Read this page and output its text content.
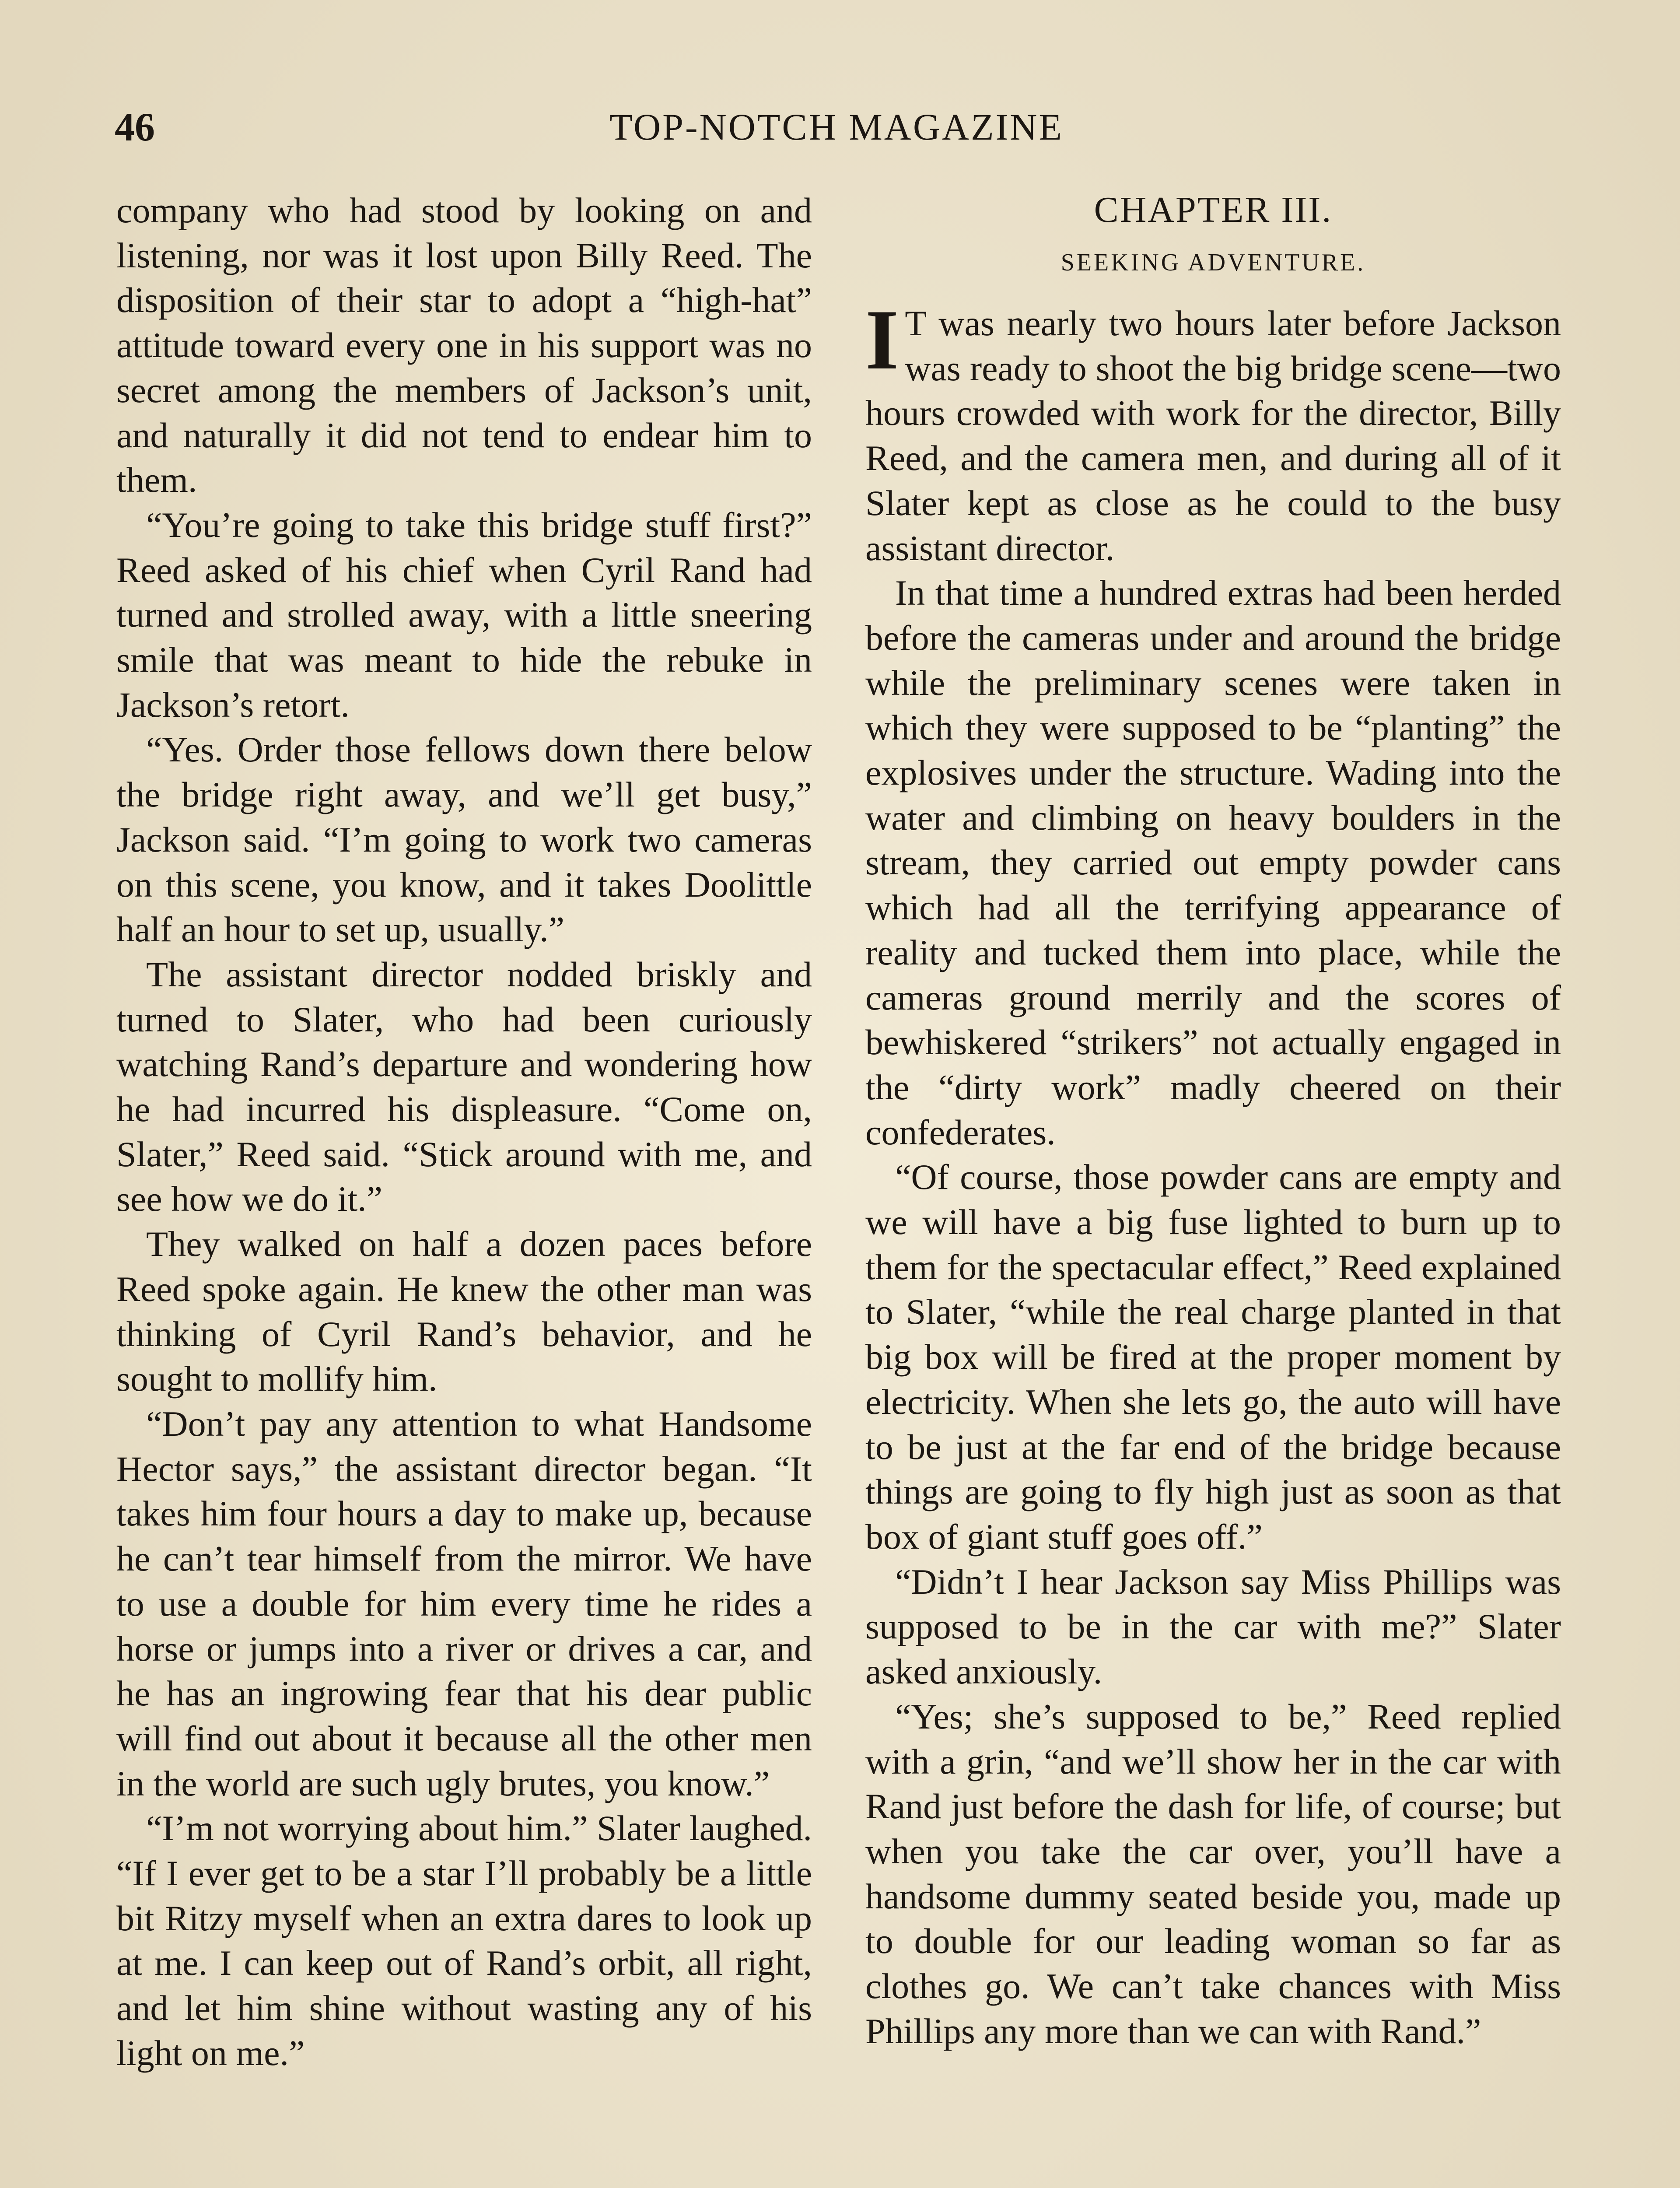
46	TOP-NOTCH MAGAZINE

company who had stood by looking on and listening, nor was it lost upon Billy Reed. The disposition of their star to adopt a “high-hat” attitude toward every one in his support was no secret among the members of Jackson’s unit, and naturally it did not tend to endear him to them.

“You’re going to take this bridge stuff first?” Reed asked of his chief when Cyril Rand had turned and strolled away, with a little sneering smile that was meant to hide the rebuke in Jackson’s retort.

“Yes. Order those fellows down there below the bridge right away, and we’ll get busy,” Jackson said. “I’m going to work two cameras on this scene, you know, and it takes Doolittle half an hour to set up, usually.”

The assistant director nodded briskly and turned to Slater, who had been curiously watching Rand’s departure and wondering how he had incurred his displeasure. “Come on, Slater,” Reed said. “Stick around with me, and see how we do it.”

They walked on half a dozen paces before Reed spoke again. He knew the other man was thinking of Cyril Rand’s behavior, and he sought to mollify him.

“Don’t pay any attention to what Handsome Hector says,” the assistant director began. “It takes him four hours a day to make up, because he can’t tear himself from the mirror. We have to use a double for him every time he rides a horse or jumps into a river or drives a car, and he has an ingrowing fear that his dear public will find out about it because all the other men in the world are such ugly brutes, you know.”

“I’m not worrying about him.” Slater laughed. “If I ever get to be a star I’ll probably be a little bit Ritzy myself when an extra dares to look up at me. I can keep out of Rand’s orbit, all right, and let him shine without wasting any of his light on me.”

CHAPTER III.
SEEKING ADVENTURE.
I T was nearly two hours later before Jackson was ready to shoot the big bridge scene—two hours crowded with work for the director, Billy Reed, and the camera men, and during all of it Slater kept as close as he could to the busy assistant director.

In that time a hundred extras had been herded before the cameras under and around the bridge while the preliminary scenes were taken in which they were supposed to be “planting” the explosives under the structure. Wading into the water and climbing on heavy boulders in the stream, they carried out empty powder cans which had all the terrifying appearance of reality and tucked them into place, while the cameras ground merrily and the scores of bewhiskered “strikers” not actually engaged in the “dirty work” madly cheered on their confederates.

“Of course, those powder cans are empty and we will have a big fuse lighted to burn up to them for the spectacular effect,” Reed explained to Slater, “while the real charge planted in that big box will be fired at the proper moment by electricity. When she lets go, the auto will have to be just at the far end of the bridge because things are going to fly high just as soon as that box of giant stuff goes off.”

“Didn’t I hear Jackson say Miss Phillips was supposed to be in the car with me?” Slater asked anxiously.

“Yes; she’s supposed to be,” Reed replied with a grin, “and we’ll show her in the car with Rand just before the dash for life, of course; but when you take the car over, you’ll have a handsome dummy seated beside you, made up to double for our leading woman so far as clothes go. We can’t take chances with Miss Phillips any more than we can with Rand.”
